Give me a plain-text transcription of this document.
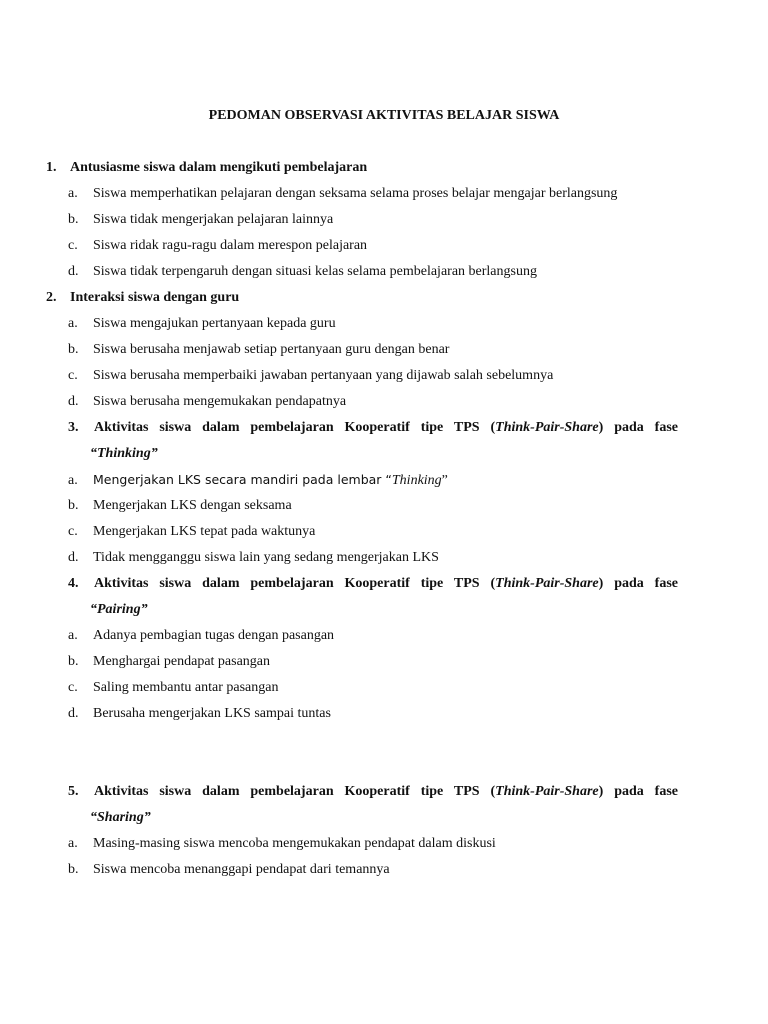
PEDOMAN OBSERVASI AKTIVITAS BELAJAR SISWA
1. Antusiasme siswa dalam mengikuti pembelajaran
a. Siswa memperhatikan pelajaran dengan seksama selama proses belajar mengajar berlangsung
b. Siswa tidak mengerjakan pelajaran lainnya
c. Siswa ridak ragu-ragu dalam merespon pelajaran
d. Siswa tidak terpengaruh dengan situasi kelas selama pembelajaran berlangsung
2. Interaksi siswa dengan guru
a. Siswa mengajukan pertanyaan kepada guru
b. Siswa berusaha menjawab setiap pertanyaan guru dengan benar
c. Siswa berusaha memperbaiki jawaban pertanyaan yang dijawab salah sebelumnya
d. Siswa berusaha mengemukakan pendapatnya
3. Aktivitas siswa dalam pembelajaran Kooperatif tipe TPS (Think-Pair-Share) pada fase
“Thinking”
a. Mengerjakan LKS secara mandiri pada lembar “Thinking”
b. Mengerjakan LKS dengan seksama
c. Mengerjakan LKS tepat pada waktunya
d. Tidak mengganggu siswa lain yang sedang mengerjakan LKS
4. Aktivitas siswa dalam pembelajaran Kooperatif tipe TPS (Think-Pair-Share) pada fase
“Pairing”
a. Adanya pembagian tugas dengan pasangan
b. Menghargai pendapat pasangan
c. Saling membantu antar pasangan
d. Berusaha mengerjakan LKS sampai tuntas
5. Aktivitas siswa dalam pembelajaran Kooperatif tipe TPS (Think-Pair-Share) pada fase
“Sharing”
a. Masing-masing siswa mencoba mengemukakan pendapat dalam diskusi
b. Siswa mencoba menanggapi pendapat dari temannya
